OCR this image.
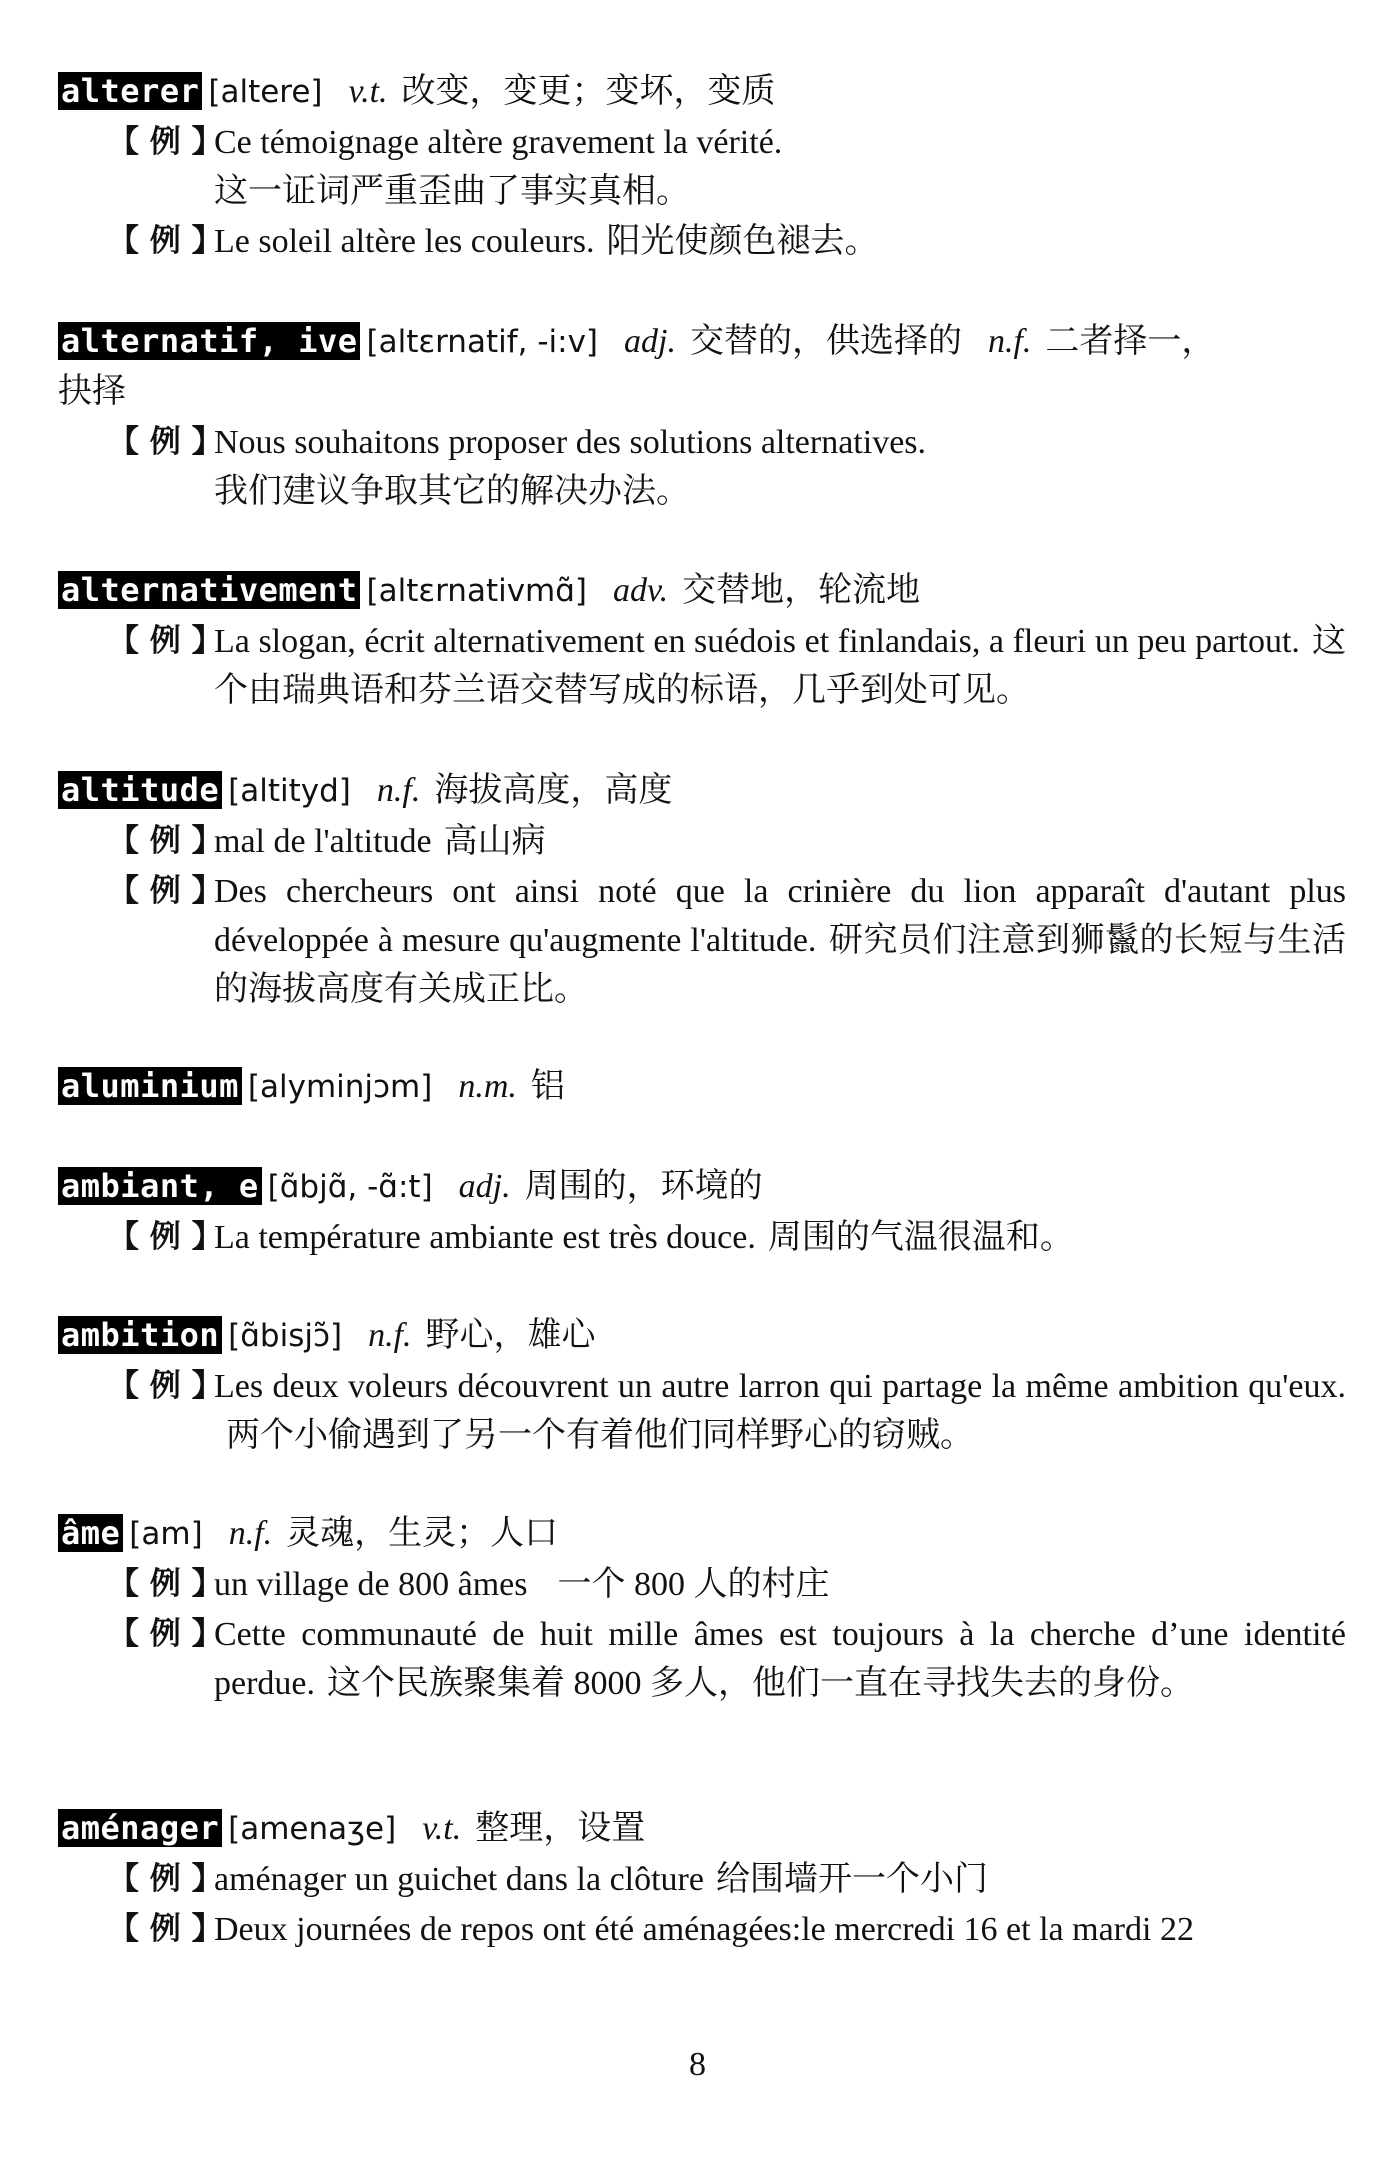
alterer [altere] v.t. 改变，变更；变坏，变质
【 例 】
Ce témoignage altère gravement la vérité.
这一证词严重歪曲了事实真相。
【 例 】
Le soleil altère les couleurs. 阳光使颜色褪去。
alternatif, ive [altɛrnatif, -i:v] adj. 交替的，供选择的 n.f. 二者择一，
抉择
【 例 】
Nous souhaitons proposer des solutions alternatives.
我们建议争取其它的解决办法。
alternativement [altɛrnativmɑ̃] adv. 交替地，轮流地
【 例 】
La slogan, écrit alternativement en suédois et finlandais, a fleuri un peu partout. 这个由瑞典语和芬兰语交替写成的标语，几乎到处可见。
altitude [altityd] n.f. 海拔高度，高度
【 例 】
mal de l'altitude 高山病
【 例 】
Des chercheurs ont ainsi noté que la crinière du lion apparaît d'autant plus développée à mesure qu'augmente l'altitude. 研究员们注意到狮鬣的长短与生活的海拔高度有关成正比。
aluminium [alyminjɔm] n.m. 铝
ambiant, e [ɑ̃bjɑ̃, -ɑ̃:t] adj. 周围的，环境的
【 例 】
La température ambiante est très douce. 周围的气温很温和。
ambition [ɑ̃bisjɔ̃] n.f. 野心，雄心
【 例 】
Les deux voleurs découvrent un autre larron qui partage la même ambition qu'eux.两个小偷遇到了另一个有着他们同样野心的窃贼。
âme [am] n.f. 灵魂，生灵；人口
【 例 】
un village de 800 âmes 一个 800 人的村庄
【 例 】
Cette communauté de huit mille âmes est toujours à la cherche d’une identité perdue. 这个民族聚集着 8000 多人，他们一直在寻找失去的身份。
aménager [amenaʒe] v.t. 整理，设置
【 例 】
aménager un guichet dans la clôture 给围墙开一个小门
【 例 】
Deux journées de repos ont été aménagées:le mercredi 16 et la mardi 22
8
